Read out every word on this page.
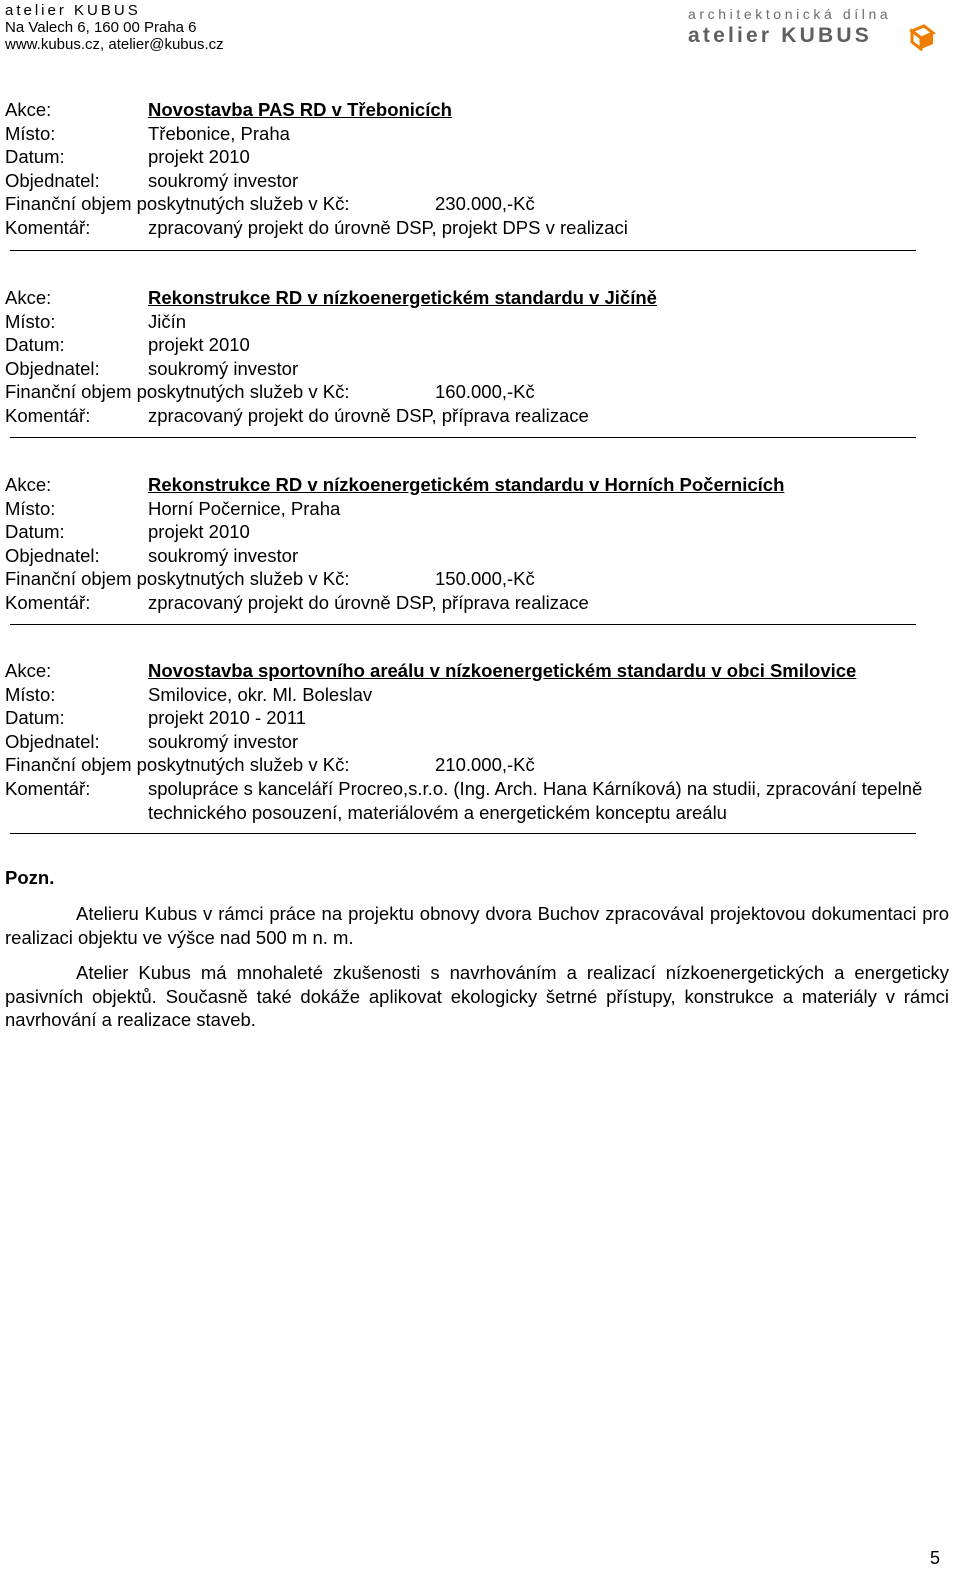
atelier KUBUS
Na Valech 6, 160 00 Praha 6
www.kubus.cz, atelier@kubus.cz
architektonická dílna
atelier KUBUS
Akce:	Novostavba PAS RD v Třebonicích
Místo:	Třebonice, Praha
Datum:	projekt 2010
Objednatel:	soukromý investor
Finanční objem poskytnutých služeb v Kč:	230.000,-Kč
Komentář:	zpracovaný projekt do úrovně DSP, projekt DPS v realizaci
Akce:	Rekonstrukce RD v nízkoenergetickém standardu v Jičíně
Místo:	Jičín
Datum:	projekt 2010
Objednatel:	soukromý investor
Finanční objem poskytnutých služeb v Kč:	160.000,-Kč
Komentář:	zpracovaný projekt do úrovně DSP, příprava realizace
Akce:	Rekonstrukce RD v nízkoenergetickém standardu v Horních Počernicích
Místo:	Horní Počernice, Praha
Datum:	projekt 2010
Objednatel:	soukromý investor
Finanční objem poskytnutých služeb v Kč:	150.000,-Kč
Komentář:	zpracovaný projekt do úrovně DSP, příprava realizace
Akce:	Novostavba sportovního areálu v nízkoenergetickém standardu v obci Smilovice
Místo:	Smilovice, okr. Ml. Boleslav
Datum:	projekt 2010 - 2011
Objednatel:	soukromý investor
Finanční objem poskytnutých služeb v Kč:	210.000,-Kč
Komentář:	spolupráce s kanceláří Procreo,s.r.o. (Ing. Arch. Hana Kárníková) na studii, zpracování tepelně technického posouzení, materiálovém a energetickém konceptu areálu
Pozn.
Atelieru Kubus v rámci práce na projektu obnovy dvora Buchov zpracovával projektovou dokumentaci pro realizaci objektu ve výšce nad 500 m n. m.
Atelier Kubus má mnohaleté zkušenosti s navrhováním a realizací nízkoenergetických a energeticky pasivních objektů. Současně také dokáže aplikovat ekologicky šetrné přístupy, konstrukce a materiály v rámci navrhování a realizace staveb.
5
